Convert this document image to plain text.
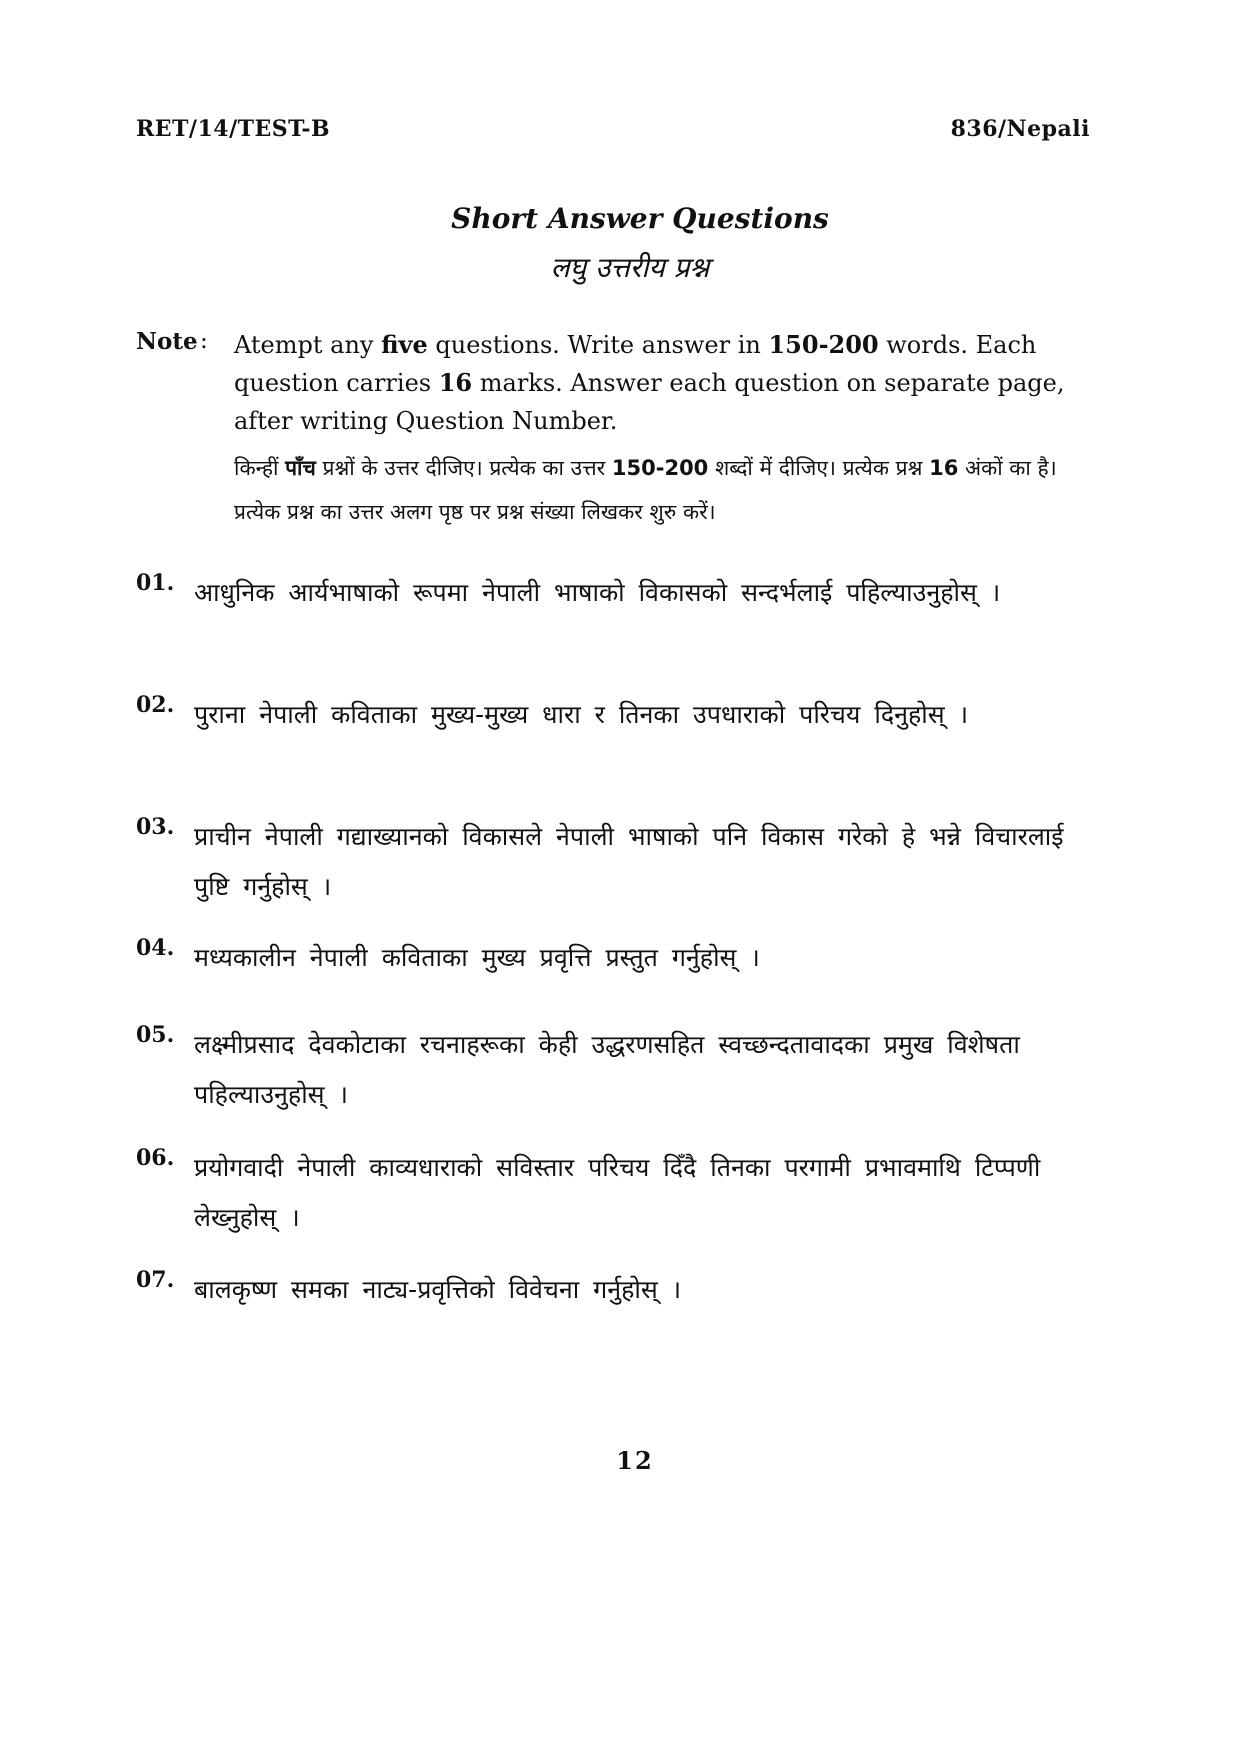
RET/14/TEST-B	836/Nepali
Short Answer Questions
लघु उत्तरीय प्रश्न
Note : Atempt any five questions. Write answer in 150-200 words. Each question carries 16 marks. Answer each question on separate page, after writing Question Number.
किन्हीं पाँच प्रश्नों के उत्तर दीजिए। प्रत्येक का उत्तर 150-200 शब्दों में दीजिए। प्रत्येक प्रश्न 16 अंकों का है। प्रत्येक प्रश्न का उत्तर अलग पृष्ठ पर प्रश्न संख्या लिखकर शुरु करें।
01. आधुनिक आर्यभाषाको रूपमा नेपाली भाषाको विकासको सन्दर्भलाई पहिल्याउनुहोस् ।
02. पुराना नेपाली कविताका मुख्य-मुख्य धारा र तिनका उपधाराको परिचय दिनुहोस् ।
03. प्राचीन नेपाली गद्याख्यानको विकासले नेपाली भाषाको पनि विकास गरेको हे भन्ने विचारलाई पुष्टि गर्नुहोस् ।
04. मध्यकालीन नेपाली कविताका मुख्य प्रवृत्ति प्रस्तुत गर्नुहोस् ।
05. लक्ष्मीप्रसाद देवकोटाका रचनाहरूका केही उद्धरणसहित स्वच्छन्दतावादका प्रमुख विशेषता पहिल्याउनुहोस् ।
06. प्रयोगवादी नेपाली काव्यधाराको सविस्तार परिचय दिँदै तिनका परगामी प्रभावमाथि टिप्पणी लेख्नुहोस् ।
07. बालकृष्ण समका नाट्य-प्रवृत्तिको विवेचना गर्नुहोस् ।
12
